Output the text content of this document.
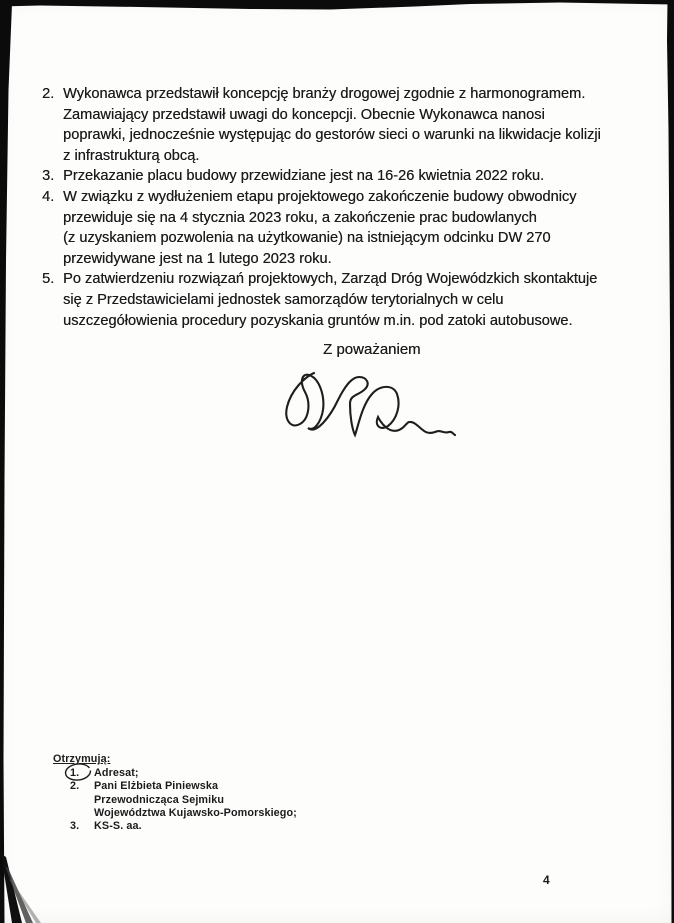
2. Wykonawca przedstawił koncepcję branży drogowej zgodnie z harmonogramem.
Zamawiający przedstawił uwagi do koncepcji. Obecnie Wykonawca nanosi
poprawki, jednocześnie występując do gestorów sieci o warunki na likwidacje kolizji
z infrastrukturą obcą.
3. Przekazanie placu budowy przewidziane jest na 16-26 kwietnia 2022 roku.
4. W związku z wydłużeniem etapu projektowego zakończenie budowy obwodnicy
przewiduje się na 4 stycznia 2023 roku, a zakończenie prac budowlanych
(z uzyskaniem pozwolenia na użytkowanie) na istniejącym odcinku DW 270
przewidywane jest na 1 lutego 2023 roku.
5. Po zatwierdzeniu rozwiązań projektowych, Zarząd Dróg Wojewódzkich skontaktuje
się z Przedstawicielami jednostek samorządów terytorialnych w celu
uszczegółowienia procedury pozyskania gruntów m.in. pod zatoki autobusowe.
Z poważaniem
Otrzymują:
1.	Adresat;
2.	Pani Elżbieta Piniewska
Przewodnicząca Sejmiku
Województwa Kujawsko-Pomorskiego;
3.	KS-S. aa.
4
